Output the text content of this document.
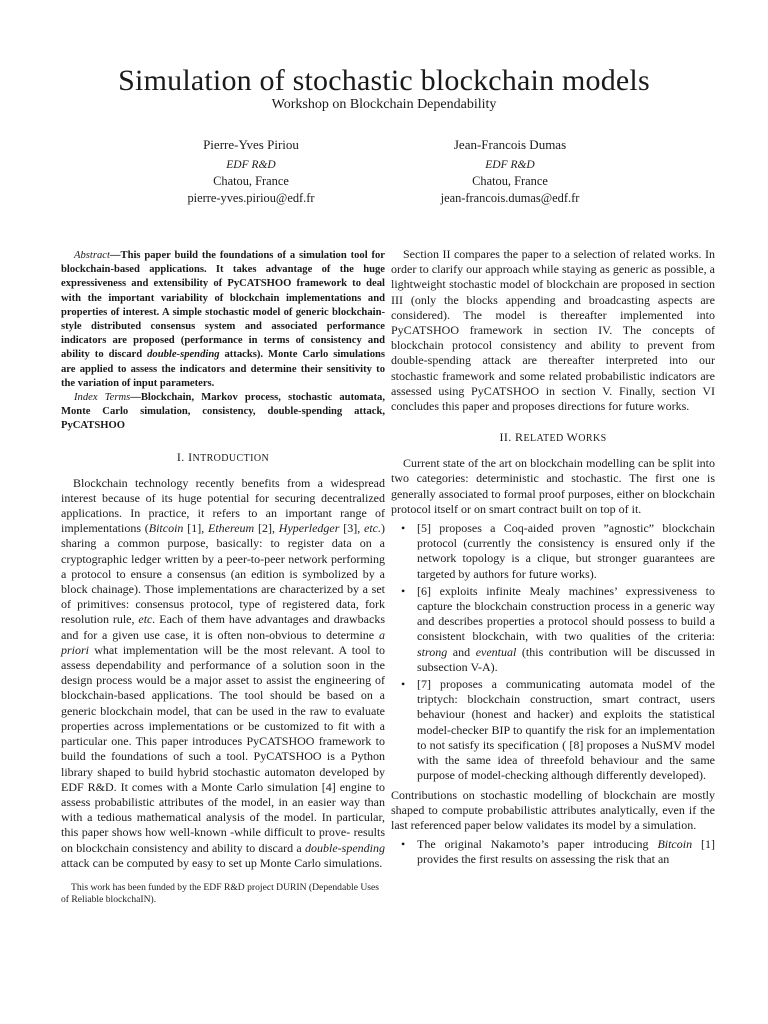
Simulation of stochastic blockchain models
Workshop on Blockchain Dependability
Pierre-Yves Piriou
EDF R&D
Chatou, France
pierre-yves.piriou@edf.fr
Jean-Francois Dumas
EDF R&D
Chatou, France
jean-francois.dumas@edf.fr

Abstract—This paper build the foundations of a simulation tool for blockchain-based applications. It takes advantage of the huge expressiveness and extensibility of PyCATSHOO framework to deal with the important variability of blockchain implementations and properties of interest. A simple stochastic model of generic blockchain-style distributed consensus system and associated performance indicators are proposed (performance in terms of consistency and ability to discard double-spending attacks). Monte Carlo simulations are applied to assess the indicators and determine their sensitivity to the variation of input parameters.

Index Terms—Blockchain, Markov process, stochastic automata, Monte Carlo simulation, consistency, double-spending attack, PyCATSHOO

I. INTRODUCTION

Blockchain technology recently benefits from a widespread interest because of its huge potential for securing decentralized applications. In practice, it refers to an important range of implementations (Bitcoin [1], Ethereum [2], Hyperledger [3], etc.) sharing a common purpose, basically: to register data on a cryptographic ledger written by a peer-to-peer network performing a protocol to ensure a consensus (an edition is symbolized by a block chainage). Those implementations are characterized by a set of primitives: consensus protocol, type of registered data, fork resolution rule, etc. Each of them have advantages and drawbacks and for a given use case, it is often non-obvious to determine a priori what implementation will be the most relevant. A tool to assess dependability and performance of a solution soon in the design process would be a major asset to assist the engineering of blockchain-based applications. The tool should be based on a generic blockchain model, that can be used in the raw to evaluate properties across implementations or be customized to fit with a particular one. This paper introduces PyCATSHOO framework to build the foundations of such a tool. PyCATSHOO is a Python library shaped to build hybrid stochastic automaton developed by EDF R&D. It comes with a Monte Carlo simulation [4] engine to assess probabilistic attributes of the model, in an easier way than with a tedious mathematical analysis of the model. In particular, this paper shows how well-known -while difficult to prove- results on blockchain consistency and ability to discard a double-spending attack can be computed by easy to set up Monte Carlo simulations.

This work has been funded by the EDF R&D project DURIN (Dependable Uses of Reliable blockchaIN).

Section II compares the paper to a selection of related works. In order to clarify our approach while staying as generic as possible, a lightweight stochastic model of blockchain are proposed in section III (only the blocks appending and broadcasting aspects are considered). The model is thereafter implemented into PyCATSHOO framework in section IV. The concepts of blockchain protocol consistency and ability to prevent from double-spending attack are thereafter interpreted into our stochastic framework and some related probabilistic indicators are assessed using PyCATSHOO in section V. Finally, section VI concludes this paper and proposes directions for future works.

II. RELATED WORKS

Current state of the art on blockchain modelling can be split into two categories: deterministic and stochastic. The first one is generally associated to formal proof purposes, either on blockchain protocol itself or on smart contract built on top of it.

• [5] proposes a Coq-aided proven ”agnostic” blockchain protocol (currently the consistency is ensured only if the network topology is a clique, but stronger guarantees are targeted by authors for future works).
• [6] exploits infinite Mealy machines’ expressiveness to capture the blockchain construction process in a generic way and describes properties a protocol should possess to build a consistent blockchain, with two qualities of the criteria: strong and eventual (this contribution will be discussed in subsection V-A).
• [7] proposes a communicating automata model of the triptych: blockchain construction, smart contract, users behaviour (honest and hacker) and exploits the statistical model-checker BIP to quantify the risk for an implementation to not satisfy its specification ( [8] proposes a NuSMV model with the same idea of threefold behaviour and the same purpose of model-checking although differently developed).

Contributions on stochastic modelling of blockchain are mostly shaped to compute probabilistic attributes analytically, even if the last referenced paper below validates its model by a simulation.

• The original Nakamoto’s paper introducing Bitcoin [1] provides the first results on assessing the risk that an
